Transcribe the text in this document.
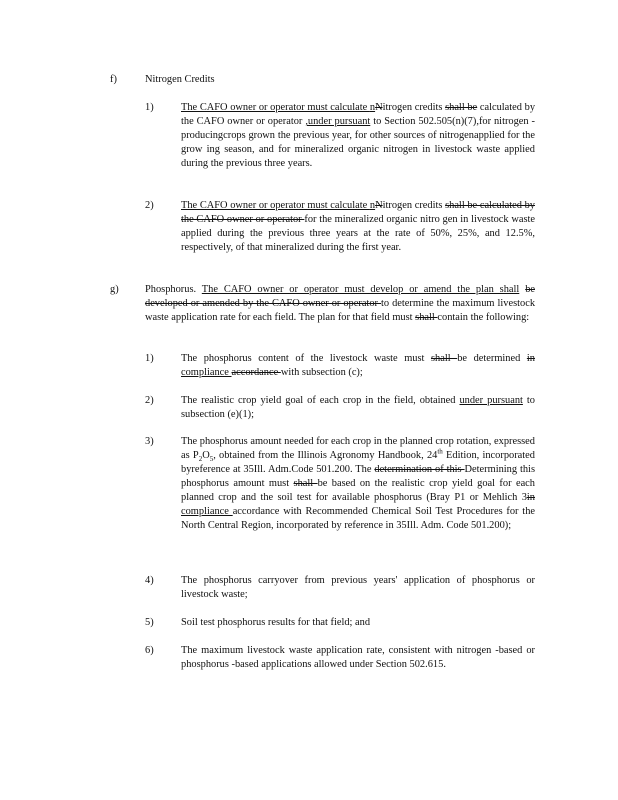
f)	Nitrogen Credits
1)	The CAFO owner or operator must calculate nNitrogen credits shall be calculated by the CAFO owner or operator ,under pursuant to Section 502.505(n)(7),for nitrogen -producingcrops grown the previous year, for other sources of nitrogenapplied for the grow ing season, and for mineralized organic nitrogen in livestock waste applied during the previous three years.
2)	The CAFO owner or operator must calculate nNitrogen credits shall be calculated by the CAFO owner or operator for the mineralized organic nitro gen in livestock waste applied during the previous three years at the rate of 50%, 25%, and 12.5%, respectively, of that mineralized during the first year.
g)	Phosphorus. The CAFO owner or operator must develop or amend the plan shall be developed or amended by the CAFO owner or operator to determine the maximum livestock waste application rate for each field. The plan for that field must shall contain the following:
1)	The phosphorus content of the livestock waste must shall be determined in compliance accordance with subsection (c);
2)	The realistic crop yield goal of each crop in the field, obtained under pursuant to subsection (e)(1);
3)	The phosphorus amount needed for each crop in the planned crop rotation, expressed as $P_2O_5$, obtained from the Illinois Agronomy Handbook, 24th Edition, incorporated byreference at 35Ill. Adm.Code 501.200. The determination of this Determining this phosphorus amount must shall be based on the realistic crop yield goal for each planned crop and the soil test for available phosphorus (Bray P1 or Mehlich 3in compliance accordance with Recommended Chemical Soil Test Procedures for the North Central Region, incorporated by reference in 35Ill. Adm. Code 501.200);
4)	The phosphorus carryover from previous years' application of phosphorus or livestock waste;
5)	Soil test phosphorus results for that field; and
6)	The maximum livestock waste application rate, consistent with nitrogen -based or phosphorus -based applications allowed under Section 502.615.
